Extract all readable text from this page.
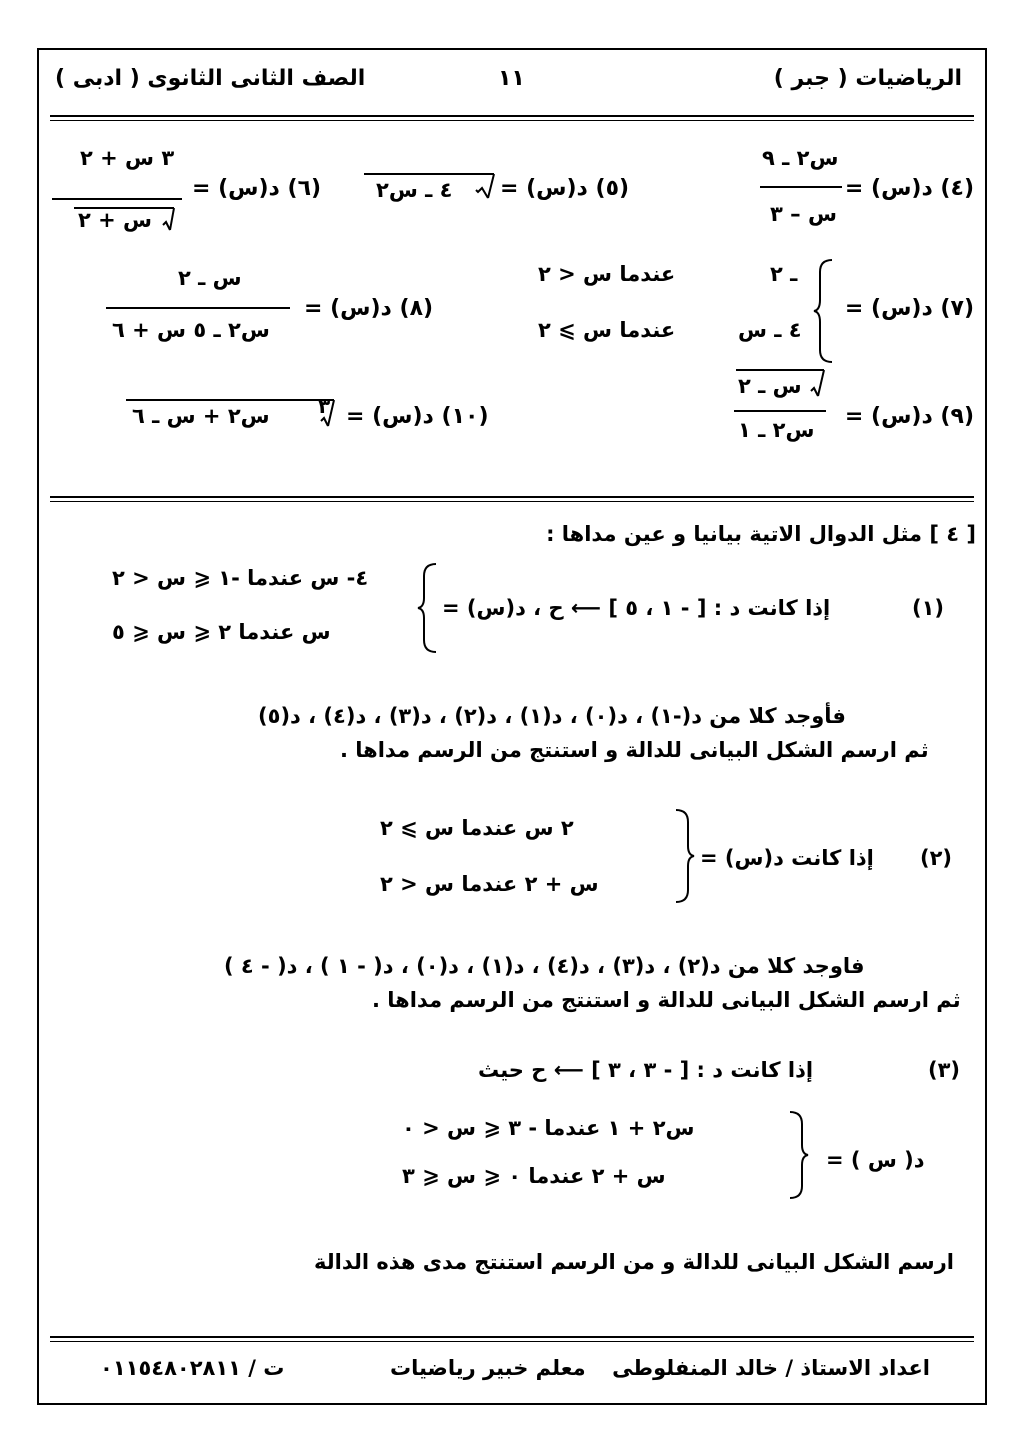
الرياضيات ( جبر )
١١
الصف الثانى الثانوى ( ادبى )
(٤) د(س) =
س٢ ـ ٩
س – ٣
(٥) د(س) =
٤ ـ س٢
(٦) د(س) =
٣ س + ٢
س + ٢
(٧) د(س) =
ـ ٢
عندما س < ٢
٤ ـ س
عندما س ⩾ ٢
(٨) د(س) =
س ـ ٢
س٢ ـ ٥ س + ٦
(٩) د(س) =
س ـ ٢
س٢ ـ ١
(١٠) د(س) =
٣
س٢ + س ـ ٦
[ ٤ ] مثل الدوال الاتية بيانيا و عين مداها :
(١)
إذا كانت د : [ - ١ ، ٥ ] ⟵ ح ، د(س) =
٤- س عندما -١ ⩽ س < ٢
س عندما ٢ ⩽ س ⩽ ٥
فأوجد كلا من د(-١) ، د(٠) ، د(١) ، د(٢) ، د(٣) ، د(٤) ، د(٥)
ثم ارسم الشكل البيانى للدالة و استنتج من الرسم مداها .
(٢)
إذا كانت د(س) =
٢ س عندما س ⩾ ٢
س + ٢ عندما س < ٢
فاوجد كلا من د(٢) ، د(٣) ، د(٤) ، د(١) ، د(٠) ، د( - ١ ) ، د( - ٤ )
ثم ارسم الشكل البيانى للدالة و استنتج من الرسم مداها .
(٣)
إذا كانت د : [ - ٣ ، ٣ ] ⟵ ح حيث
د( س ) =
س٢ + ١ عندما - ٣ ⩽ س < ٠
س + ٢ عندما ٠ ⩽ س ⩽ ٣
ارسم الشكل البيانى للدالة و من الرسم استنتج مدى هذه الدالة
اعداد الاستاذ / خالد المنفلوطى
معلم خبير رياضيات
ت / ٠١١٥٤٨٠٢٨١١
